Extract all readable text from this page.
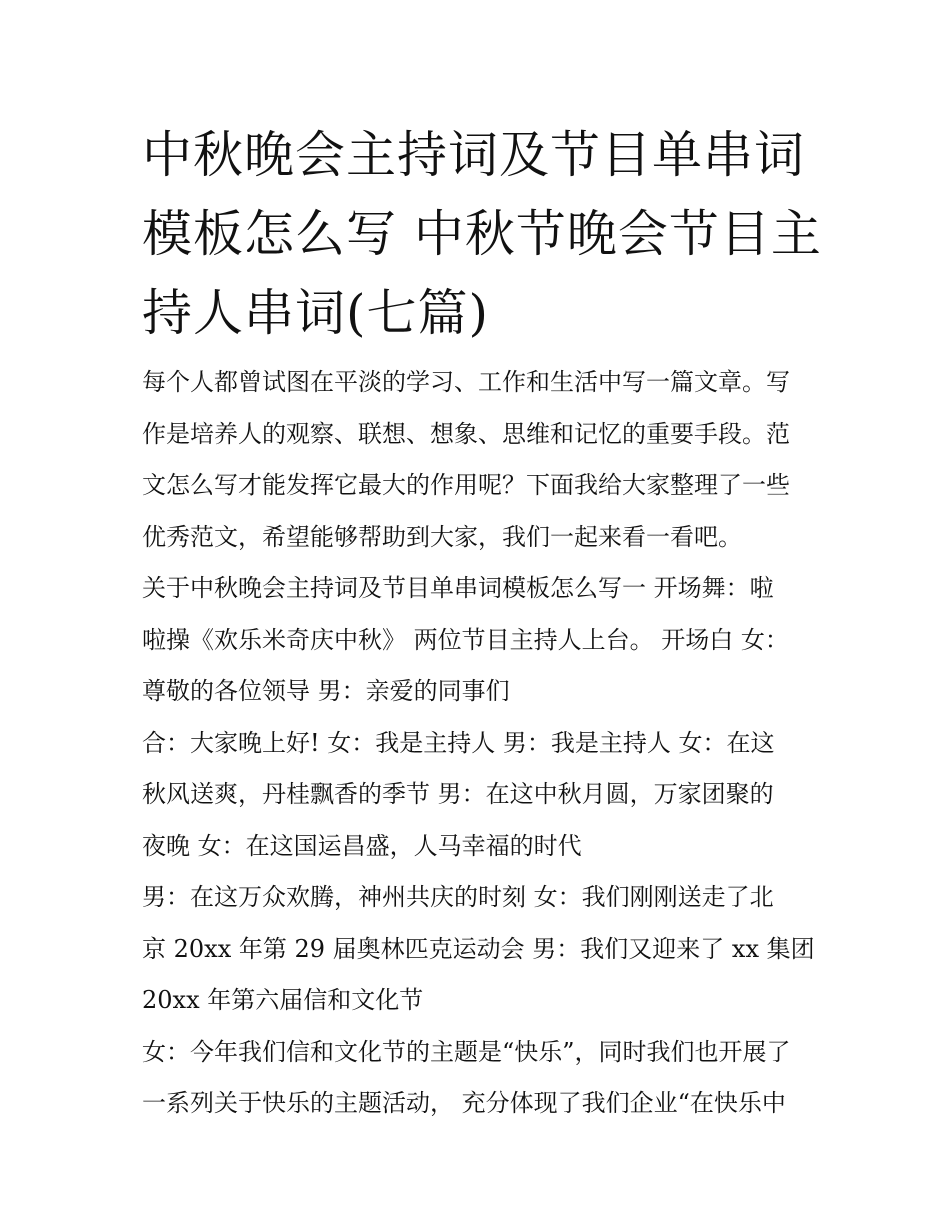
中秋晚会主持词及节目单串词
模板怎么写 中秋节晚会节目主
持人串词(七篇)
每个人都曾试图在平淡的学习、工作和生活中写一篇文章。写
作是培养人的观察、联想、想象、思维和记忆的重要手段。范
文怎么写才能发挥它最大的作用呢？下面我给大家整理了一些
优秀范文，希望能够帮助到大家，我们一起来看一看吧。
关于中秋晚会主持词及节目单串词模板怎么写一 开场舞：啦
啦操《欢乐米奇庆中秋》 两位节目主持人上台。 开场白 女：
尊敬的各位领导 男：亲爱的同事们
合：大家晚上好! 女：我是主持人 男：我是主持人 女：在这
秋风送爽，丹桂飘香的季节 男：在这中秋月圆，万家团聚的
夜晚 女：在这国运昌盛，人马幸福的时代
男：在这万众欢腾，神州共庆的时刻 女：我们刚刚送走了北
京 20xx 年第 29 届奥林匹克运动会 男：我们又迎来了 xx 集团
20xx 年第六届信和文化节
女：今年我们信和文化节的主题是“快乐”，同时我们也开展了
一系列关于快乐的主题活动， 充分体现了我们企业“在快乐中
